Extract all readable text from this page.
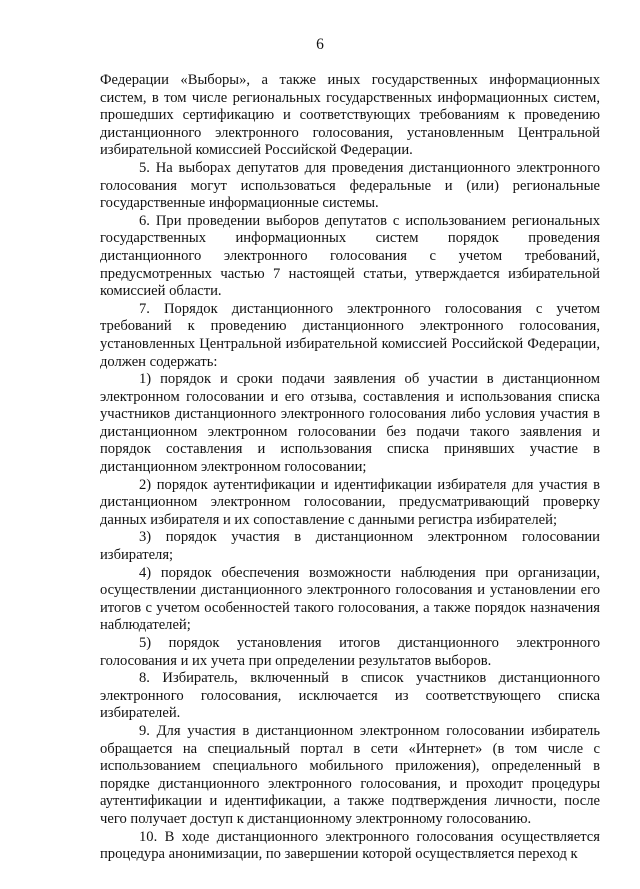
6

Федерации «Выборы», а также иных государственных информационных систем, в том числе региональных государственных информационных систем, прошедших сертификацию и соответствующих требованиям к проведению дистанционного электронного голосования, установленным Центральной избирательной комиссией Российской Федерации.

5. На выборах депутатов для проведения дистанционного электронного голосования могут использоваться федеральные и (или) региональные государственные информационные системы.

6. При проведении выборов депутатов с использованием региональных государственных информационных систем порядок проведения дистанционного электронного голосования с учетом требований, предусмотренных частью 7 настоящей статьи, утверждается избирательной комиссией области.

7. Порядок дистанционного электронного голосования с учетом требований к проведению дистанционного электронного голосования, установленных Центральной избирательной комиссией Российской Федерации, должен содержать:

1) порядок и сроки подачи заявления об участии в дистанционном электронном голосовании и его отзыва, составления и использования списка участников дистанционного электронного голосования либо условия участия в дистанционном электронном голосовании без подачи такого заявления и порядок составления и использования списка принявших участие в дистанционном электронном голосовании;

2) порядок аутентификации и идентификации избирателя для участия в дистанционном электронном голосовании, предусматривающий проверку данных избирателя и их сопоставление с данными регистра избирателей;

3) порядок участия в дистанционном электронном голосовании избирателя;

4) порядок обеспечения возможности наблюдения при организации, осуществлении дистанционного электронного голосования и установлении его итогов с учетом особенностей такого голосования, а также порядок назначения наблюдателей;

5) порядок установления итогов дистанционного электронного голосования и их учета при определении результатов выборов.

8. Избиратель, включенный в список участников дистанционного электронного голосования, исключается из соответствующего списка избирателей.

9. Для участия в дистанционном электронном голосовании избиратель обращается на специальный портал в сети «Интернет» (в том числе с использованием специального мобильного приложения), определенный в порядке дистанционного электронного голосования, и проходит процедуры аутентификации и идентификации, а также подтверждения личности, после чего получает доступ к дистанционному электронному голосованию.

10. В ходе дистанционного электронного голосования осуществляется процедура анонимизации, по завершении которой осуществляется переход к
